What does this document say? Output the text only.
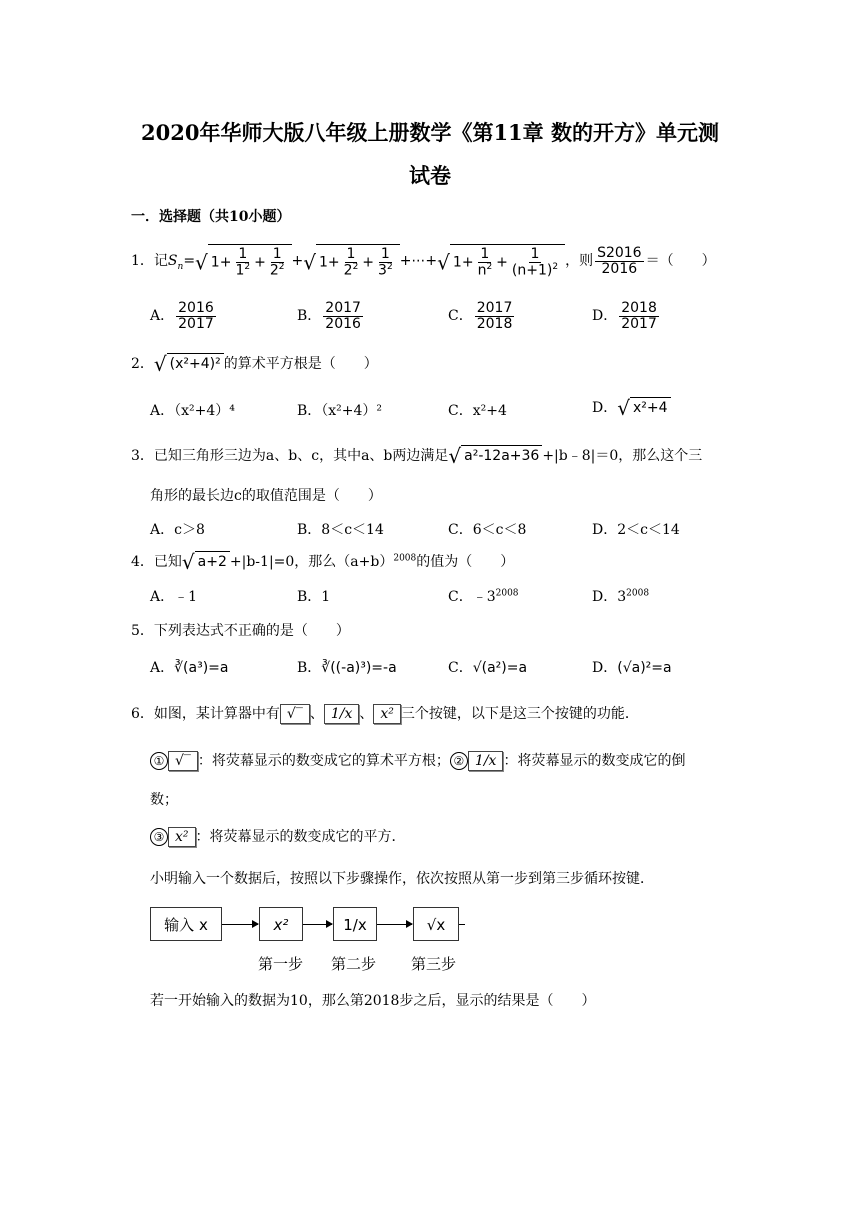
2020年华师大版八年级上册数学《第11章 数的开方》单元测
试卷
一．选择题（共10小题）
1．记$S_n=√$ $1+ \frac{1}{1^2} + \frac{1}{2^2}$ +√ $1+ \frac{1}{2^2} + \frac{1}{3^2}$ +⋯+√ $1+ \frac{1}{n^2} + \frac{1}{(n+1)^2}$ ，则 $\frac{S2016}{2016}$ ＝（　　）
A． $\frac{2016}{2017}$	B． $\frac{2017}{2016}$	C． $\frac{2017}{2018}$	D． $\frac{2018}{2017}$
2．√ (x²+4)² 的算术平方根是（　　）
A．（x²+4）⁴	B．（x²+4）²	C．x²+4	D．√ x²+4
3．已知三角形三边为a、b、c，其中a、b两边满足√ a²-12a+36 +|b﹣8|＝0，那么这个三
角形的最长边c的取值范围是（　　）
A．c＞8	B．8＜c＜14	C．6＜c＜8	D．2＜c＜14
4．已知√ a+2 +|b-1|=0，那么$(a+b)^{2008}$的值为（　　）
A．﹣1	B．1	C．$﹣3^{2008}$	D．$3^{2008}$
5．下列表达式不正确的是（　　）
A．∛(a³)=a	B．∛((-a)³)=-a	C．√(a²)=a	D．(√a)²=a
6．如图，某计算器中有 √‾ 、 1/x 、 x² 三个按键，以下是这三个按键的功能．
① √‾ ：将荧幕显示的数变成它的算术平方根； ② 1/x ：将荧幕显示的数变成它的倒
数；
③ x² ：将荧幕显示的数变成它的平方．
小明输入一个数据后，按照以下步骤操作，依次按照从第一步到第三步循环按键．
输入 x	x²	1/x	√x
第一步 第二步 第三步
若一开始输入的数据为10，那么第2018步之后，显示的结果是（　　）
